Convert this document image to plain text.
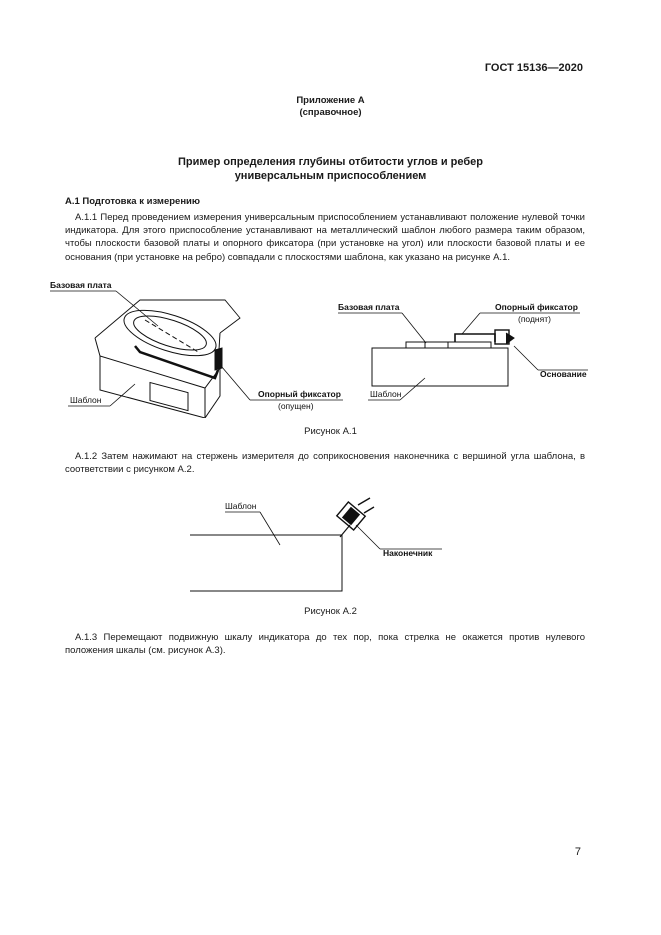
ГОСТ 15136—2020
Приложение А
(справочное)
Пример определения глубины отбитости углов и ребер
универсальным приспособлением
А.1 Подготовка к измерению
А.1.1 Перед проведением измерения универсальным приспособлением устанавливают положение нулевой точки индикатора. Для этого приспособление устанавливают на металлический шаблон любого размера таким образом, чтобы плоскости базовой платы и опорного фиксатора (при установке на угол) или плоскости базовой платы и ее основания (при установке на ребро) совпадали с плоскостями шаблона, как указано на рисунке А.1.
Базовая плата
Шаблон
Опорный фиксатор
(опущен)
Базовая плата	Опорный фиксатор
(поднят)
Основание
Шаблон
Рисунок А.1
А.1.2 Затем нажимают на стержень измерителя до соприкосновения наконечника с вершиной угла шаблона, в соответствии с рисунком А.2.
Шаблон
Наконечник
Рисунок А.2
А.1.3 Перемещают подвижную шкалу индикатора до тех пор, пока стрелка не окажется против нулевого положения шкалы (см. рисунок А.3).
7
